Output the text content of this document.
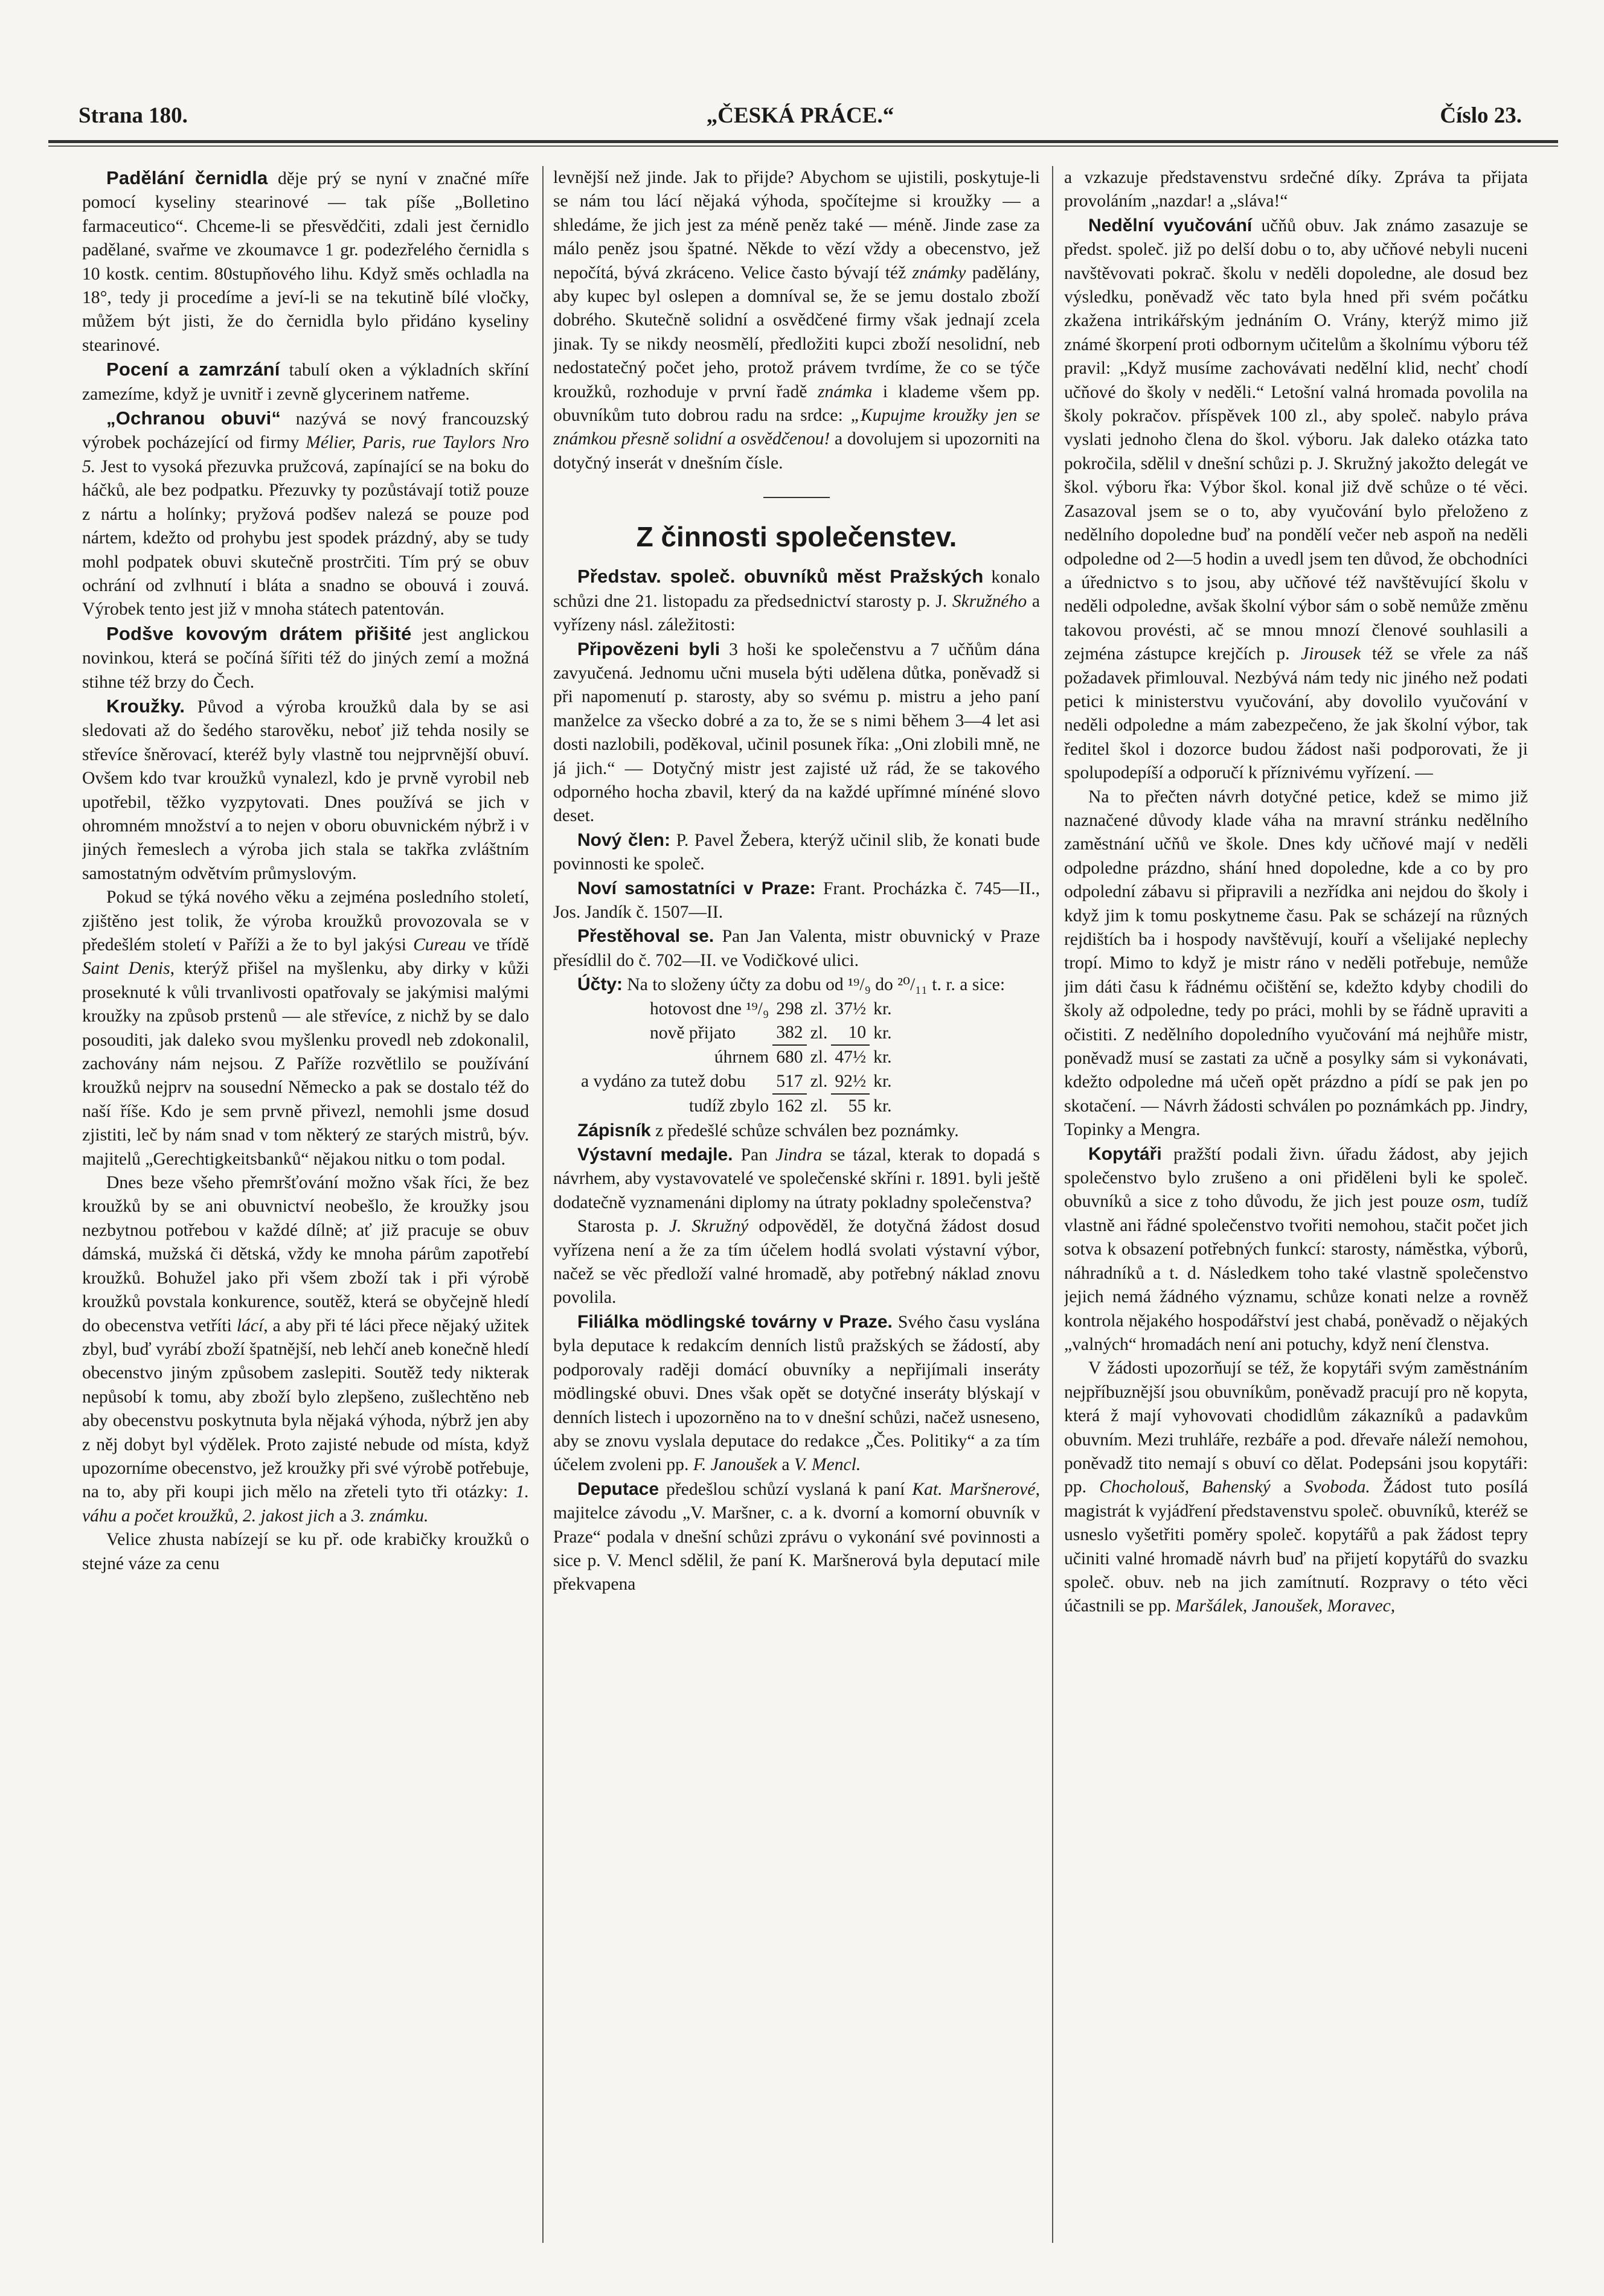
Strana 180.	„ČESKÁ PRÁCE.“	Číslo 23.

Padělání černidla děje prý se nyní v značné míře pomocí kyseliny stearinové — tak píše „Bolletino farmaceutico“. Chceme-li se přesvědčiti, zdali jest černidlo padělané, svařme ve zkoumavce 1 gr. podezřelého černidla s 10 kostk. centim. 80stupňového lihu. Když směs ochladla na 18°, tedy ji procedíme a jeví-li se na tekutině bílé vločky, můžem být jisti, že do černidla bylo přidáno kyseliny stearinové.

Pocení a zamrzání tabulí oken a výkladních skříní zamezíme, když je uvnitř i zevně glycerinem natřeme.

„Ochranou obuvi“ nazývá se nový francouzský výrobek pocházející od firmy Mélier, Paris, rue Taylors Nro 5. Jest to vysoká přezuvka pružcová, zapínající se na boku do háčků, ale bez podpatku. Přezuvky ty pozůstávají totiž pouze z nártu a holínky; pryžová podšev nalezá se pouze pod nártem, kdežto od prohybu jest spodek prázdný, aby se tudy mohl podpatek obuvi skutečně prostrčiti. Tím prý se obuv ochrání od zvlhnutí i bláta a snadno se obouvá i zouvá. Výrobek tento jest již v mnoha státech patentován.

Podšve kovovým drátem přišité jest anglickou novinkou, která se počíná šířiti též do jiných zemí a možná stihne též brzy do Čech.

Kroužky. Původ a výroba kroužků dala by se asi sledovati až do šedého starověku, neboť již tehda nosily se střevíce šněrovací, kteréž byly vlastně tou nejprvnější obuví. Ovšem kdo tvar kroužků vynalezl, kdo je prvně vyrobil neb upotřebil, těžko vyzpytovati. Dnes používá se jich v ohromném množství a to nejen v oboru obuvnickém nýbrž i v jiných řemeslech a výroba jich stala se takřka zvláštním samostatným odvětvím průmyslovým.

Pokud se týká nového věku a zejména posledního století, zjištěno jest tolik, že výroba kroužků provozovala se v předešlém století v Paříži a že to byl jakýsi Cureau ve třídě Saint Denis, kterýž přišel na myšlenku, aby dirky v kůži proseknuté k vůli trvanlivosti opatřovaly se jakýmisi malými kroužky na způsob prstenů — ale střevíce, z nichž by se dalo posouditi, jak daleko svou myšlenku provedl neb zdokonalil, zachovány nám nejsou. Z Paříže rozvětlilo se používání kroužků nejprv na sousední Německo a pak se dostalo též do naší říše. Kdo je sem prvně přivezl, nemohli jsme dosud zjistiti, leč by nám snad v tom některý ze starých mistrů, býv. majitelů „Gerechtigkeitsbanků“ nějakou nitku o tom podal.

Dnes beze všeho přemršťování možno však říci, že bez kroužků by se ani obuvnictví neobešlo, že kroužky jsou nezbytnou potřebou v každé dílně; ať již pracuje se obuv dámská, mužská či dětská, vždy ke mnoha párům zapotřebí kroužků. Bohužel jako při všem zboží tak i při výrobě kroužků povstala konkurence, soutěž, která se obyčejně hledí do obecenstva vetříti lácí, a aby při té láci přece nějaký užitek zbyl, buď vyrábí zboží špatnější, neb lehčí aneb konečně hledí obecenstvo jiným způsobem zaslepiti. Soutěž tedy nikterak nepůsobí k tomu, aby zboží bylo zlepšeno, zušlechtěno neb aby obecenstvu poskytnuta byla nějaká výhoda, nýbrž jen aby z něj dobyt byl výdělek. Proto zajisté nebude od místa, když upozorníme obecenstvo, jež kroužky při své výrobě potřebuje, na to, aby při koupi jich mělo na zřeteli tyto tři otázky: 1. váhu a počet kroužků, 2. jakost jich a 3. známku.

Velice zhusta nabízejí se ku př. ode krabičky kroužků o stejné váze za cenu

levnější než jinde. Jak to přijde? Abychom se ujistili, poskytuje-li se nám tou lácí nějaká výhoda, spočítejme si kroužky — a shledáme, že jich jest za méně peněz také — méně. Jinde zase za málo peněz jsou špatné. Někde to vězí vždy a obecenstvo, jež nepočítá, bývá zkráceno. Velice často bývají též známky padělány, aby kupec byl oslepen a domníval se, že se jemu dostalo zboží dobrého. Skutečně solidní a osvědčené firmy však jednají zcela jinak. Ty se nikdy neosmělí, předložiti kupci zboží nesolidní, neb nedostatečný počet jeho, protož právem tvrdíme, že co se týče kroužků, rozhoduje v první řadě známka i klademe všem pp. obuvníkům tuto dobrou radu na srdce: „Kupujme kroužky jen se známkou přesně solidní a osvědčenou! a dovolujem si upozorniti na dotyčný inserát v dnešním čísle.

Z činnosti společenstev.

Představ. společ. obuvníků měst Pražských konalo schůzi dne 21. listopadu za předsednictví starosty p. J. Skružného a vyřízeny násl. záležitosti:

Připovězeni byli 3 hoši ke společenstvu a 7 učňům dána zavyučená. Jednomu učni musela býti udělena důtka, poněvadž si při napomenutí p. starosty, aby so svému p. mistru a jeho paní manželce za všecko dobré a za to, že se s nimi během 3—4 let asi dosti nazlobili, poděkoval, učinil posunek říka: „Oni zlobili mně, ne já jich.“ — Dotyčný mistr jest zajisté už rád, že se takového odporného hocha zbavil, který da na každé upřímné mínéné slovo deset.

Nový člen: P. Pavel Žebera, kterýž učinil slib, že konati bude povinnosti ke společ.

Noví samostatníci v Praze: Frant. Procházka č. 745—II., Jos. Jandík č. 1507—II.

Přestěhoval se. Pan Jan Valenta, mistr obuvnický v Praze přesídlil do č. 702—II. ve Vodičkové ulici.

Účty: Na to složeny účty za dobu od ¹⁹/₉ do ²⁰/₁₁ t. r. a sice:

hotovost dne ¹⁹/₉	298	zl.	37½	kr.
nově přijato	382	zl.	10	kr.
úhrnem	680	zl.	47½	kr.
a vydáno za tutež dobu	517	zl.	92½	kr.
tudíž zbylo	162	zl.	55	kr.

Zápisník z předešlé schůze schválen bez poznámky.

Výstavní medajle. Pan Jindra se tázal, kterak to dopadá s návrhem, aby vystavovatelé ve společenské skříni r. 1891. byli ještě dodatečně vyznamenáni diplomy na útraty pokladny společenstva?

Starosta p. J. Skružný odpověděl, že dotyčná žádost dosud vyřízena není a že za tím účelem hodlá svolati výstavní výbor, načež se věc předloží valné hromadě, aby potřebný náklad znovu povolila.

Filiálka mödlingské továrny v Praze. Svého času vyslána byla deputace k redakcím denních listů pražských se žádostí, aby podporovaly raději domácí obuvníky a nepřijímali inseráty mödlingské obuvi. Dnes však opět se dotyčné inseráty blýskají v denních listech i upozorněno na to v dnešní schůzi, načež usneseno, aby se znovu vyslala deputace do redakce „Čes. Politiky“ a za tím účelem zvoleni pp. F. Janoušek a V. Mencl.

Deputace předešlou schůzí vyslaná k paní Kat. Maršnerové, majitelce závodu „V. Maršner, c. a k. dvorní a komorní obuvník v Praze“ podala v dnešní schůzi zprávu o vykonání své povinnosti a sice p. V. Mencl sdělil, že paní K. Maršnerová byla deputací mile překvapena

a vzkazuje představenstvu srdečné díky. Zpráva ta přijata provoláním „nazdar! a „sláva!“

Nedělní vyučování učňů obuv. Jak známo zasazuje se předst. společ. již po delší dobu o to, aby učňové nebyli nuceni navštěvovati pokrač. školu v neděli dopoledne, ale dosud bez výsledku, poněvadž věc tato byla hned při svém počátku zkažena intrikářským jednáním O. Vrány, kterýž mimo již známé škorpení proti odbornym učitelům a školnímu výboru též pravil: „Když musíme zachovávati nedělní klid, nechť chodí učňové do školy v neděli.“ Letošní valná hromada povolila na školy pokračov. příspěvek 100 zl., aby společ. nabylo práva vyslati jednoho člena do škol. výboru. Jak daleko otázka tato pokročila, sdělil v dnešní schůzi p. J. Skružný jakožto delegát ve škol. výboru řka: Výbor škol. konal již dvě schůze o té věci. Zasazoval jsem se o to, aby vyučování bylo přeloženo z nedělního dopoledne buď na pondělí večer neb aspoň na neděli odpoledne od 2—5 hodin a uvedl jsem ten důvod, že obchodníci a úřednictvo s to jsou, aby učňové též navštěvující školu v neděli odpoledne, avšak školní výbor sám o sobě nemůže změnu takovou provésti, ač se mnou mnozí členové souhlasili a zejména zástupce krejčích p. Jirousek též se vřele za náš požadavek přimlouval. Nezbývá nám tedy nic jiného než podati petici k ministerstvu vyučování, aby dovolilo vyučování v neděli odpoledne a mám zabezpečeno, že jak školní výbor, tak ředitel škol i dozorce budou žádost naši podporovati, že ji spolupodepíší a odporučí k příznivému vyřízení. —

Na to přečten návrh dotyčné petice, kdež se mimo již naznačené důvody klade váha na mravní stránku nedělního zaměstnání učňů ve škole. Dnes kdy učňové mají v neděli odpoledne prázdno, shání hned dopoledne, kde a co by pro odpolední zábavu si připravili a nezřídka ani nejdou do školy i když jim k tomu poskytneme času. Pak se scházejí na různých rejdištích ba i hospody navštěvují, kouří a všelijaké neplechy tropí. Mimo to když je mistr ráno v neděli potřebuje, nemůže jim dáti času k řádnému očištění se, kdežto kdyby chodili do školy až odpoledne, tedy po práci, mohli by se řádně upraviti a očistiti. Z nedělního dopoledního vyučování má nejhůře mistr, poněvadž musí se zastati za učně a posylky sám si vykonávati, kdežto odpoledne má učeň opět prázdno a pídí se pak jen po skotačení. — Návrh žádosti schválen po poznámkách pp. Jindry, Topinky a Mengra.

Kopytáři pražští podali živn. úřadu žádost, aby jejich společenstvo bylo zrušeno a oni přiděleni byli ke společ. obuvníků a sice z toho důvodu, že jich jest pouze osm, tudíž vlastně ani řádné společenstvo tvořiti nemohou, stačit počet jich sotva k obsazení potřebných funkcí: starosty, náměstka, výborů, náhradníků a t. d. Následkem toho také vlastně společenstvo jejich nemá žádného významu, schůze konati nelze a rovněž kontrola nějakého hospodářství jest chabá, poněvadž o nějakých „valných“ hromadách není ani potuchy, když není členstva.

V žádosti upozorňují se též, že kopytáři svým zaměstnáním nejpříbuznější jsou obuvníkům, poněvadž pracují pro ně kopyta, která ž mají vyhovovati chodidlům zákazníků a padavkům obuvním. Mezi truhláře, rezbáře a pod. dřevaře náleží nemohou, poněvadž tito nemají s obuví co dělat. Podepsáni jsou kopytáři: pp. Chocholouš, Bahenský a Svoboda. Žádost tuto posílá magistrát k vyjádření představenstvu společ. obuvníků, kteréž se usneslo vyšetřiti poměry společ. kopytářů a pak žádost tepry učiniti valné hromadě návrh buď na přijetí kopytářů do svazku společ. obuv. neb na jich zamítnutí. Rozpravy o této věci účastnili se pp. Maršálek, Janoušek, Moravec,
